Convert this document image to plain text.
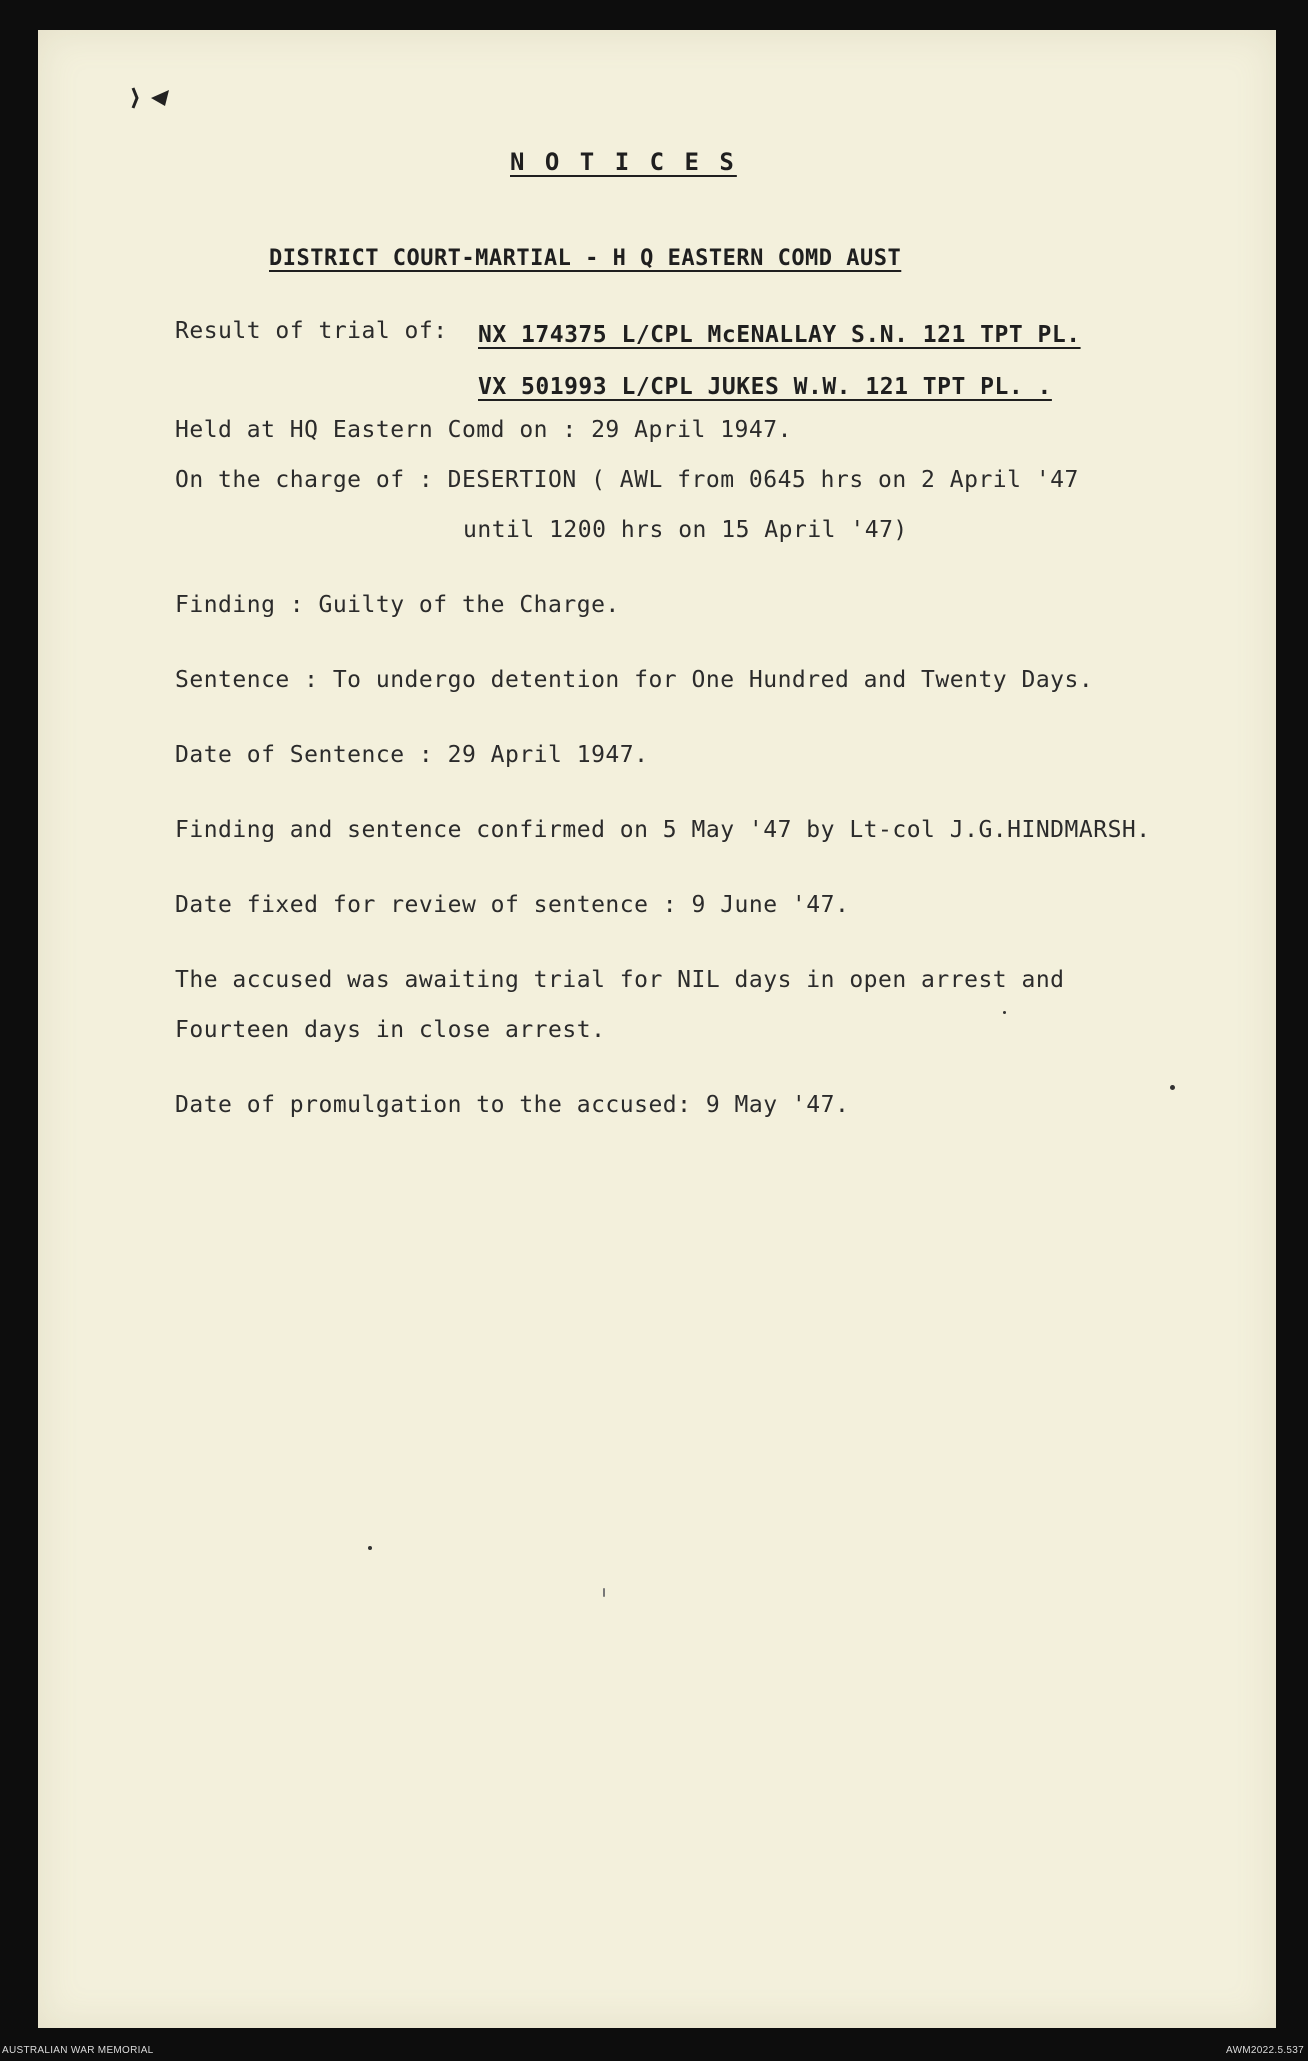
N O T I C E S
DISTRICT COURT-MARTIAL - H Q EASTERN COMD AUST
Result of trial of: NX 174375 L/CPL McENALLAY S.N. 121 TPT PL.
VX 501993 L/CPL JUKES W.W. 121 TPT PL. .
Held at HQ Eastern Comd on : 29 April 1947.
On the charge of : DESERTION ( AWL from 0645 hrs on 2 April '47
until 1200 hrs on 15 April '47)
Finding : Guilty of the Charge.
Sentence : To undergo detention for One Hundred and Twenty Days.
Date of Sentence : 29 April 1947.
Finding and sentence confirmed on 5 May '47 by Lt-col J.G.HINDMARSH.
Date fixed for review of sentence : 9 June '47.
The accused was awaiting trial for NIL days in open arrest and
Fourteen days in close arrest.
Date of promulgation to the accused: 9 May '47.
AUSTRALIAN WAR MEMORIAL	AWM2022.5.537
